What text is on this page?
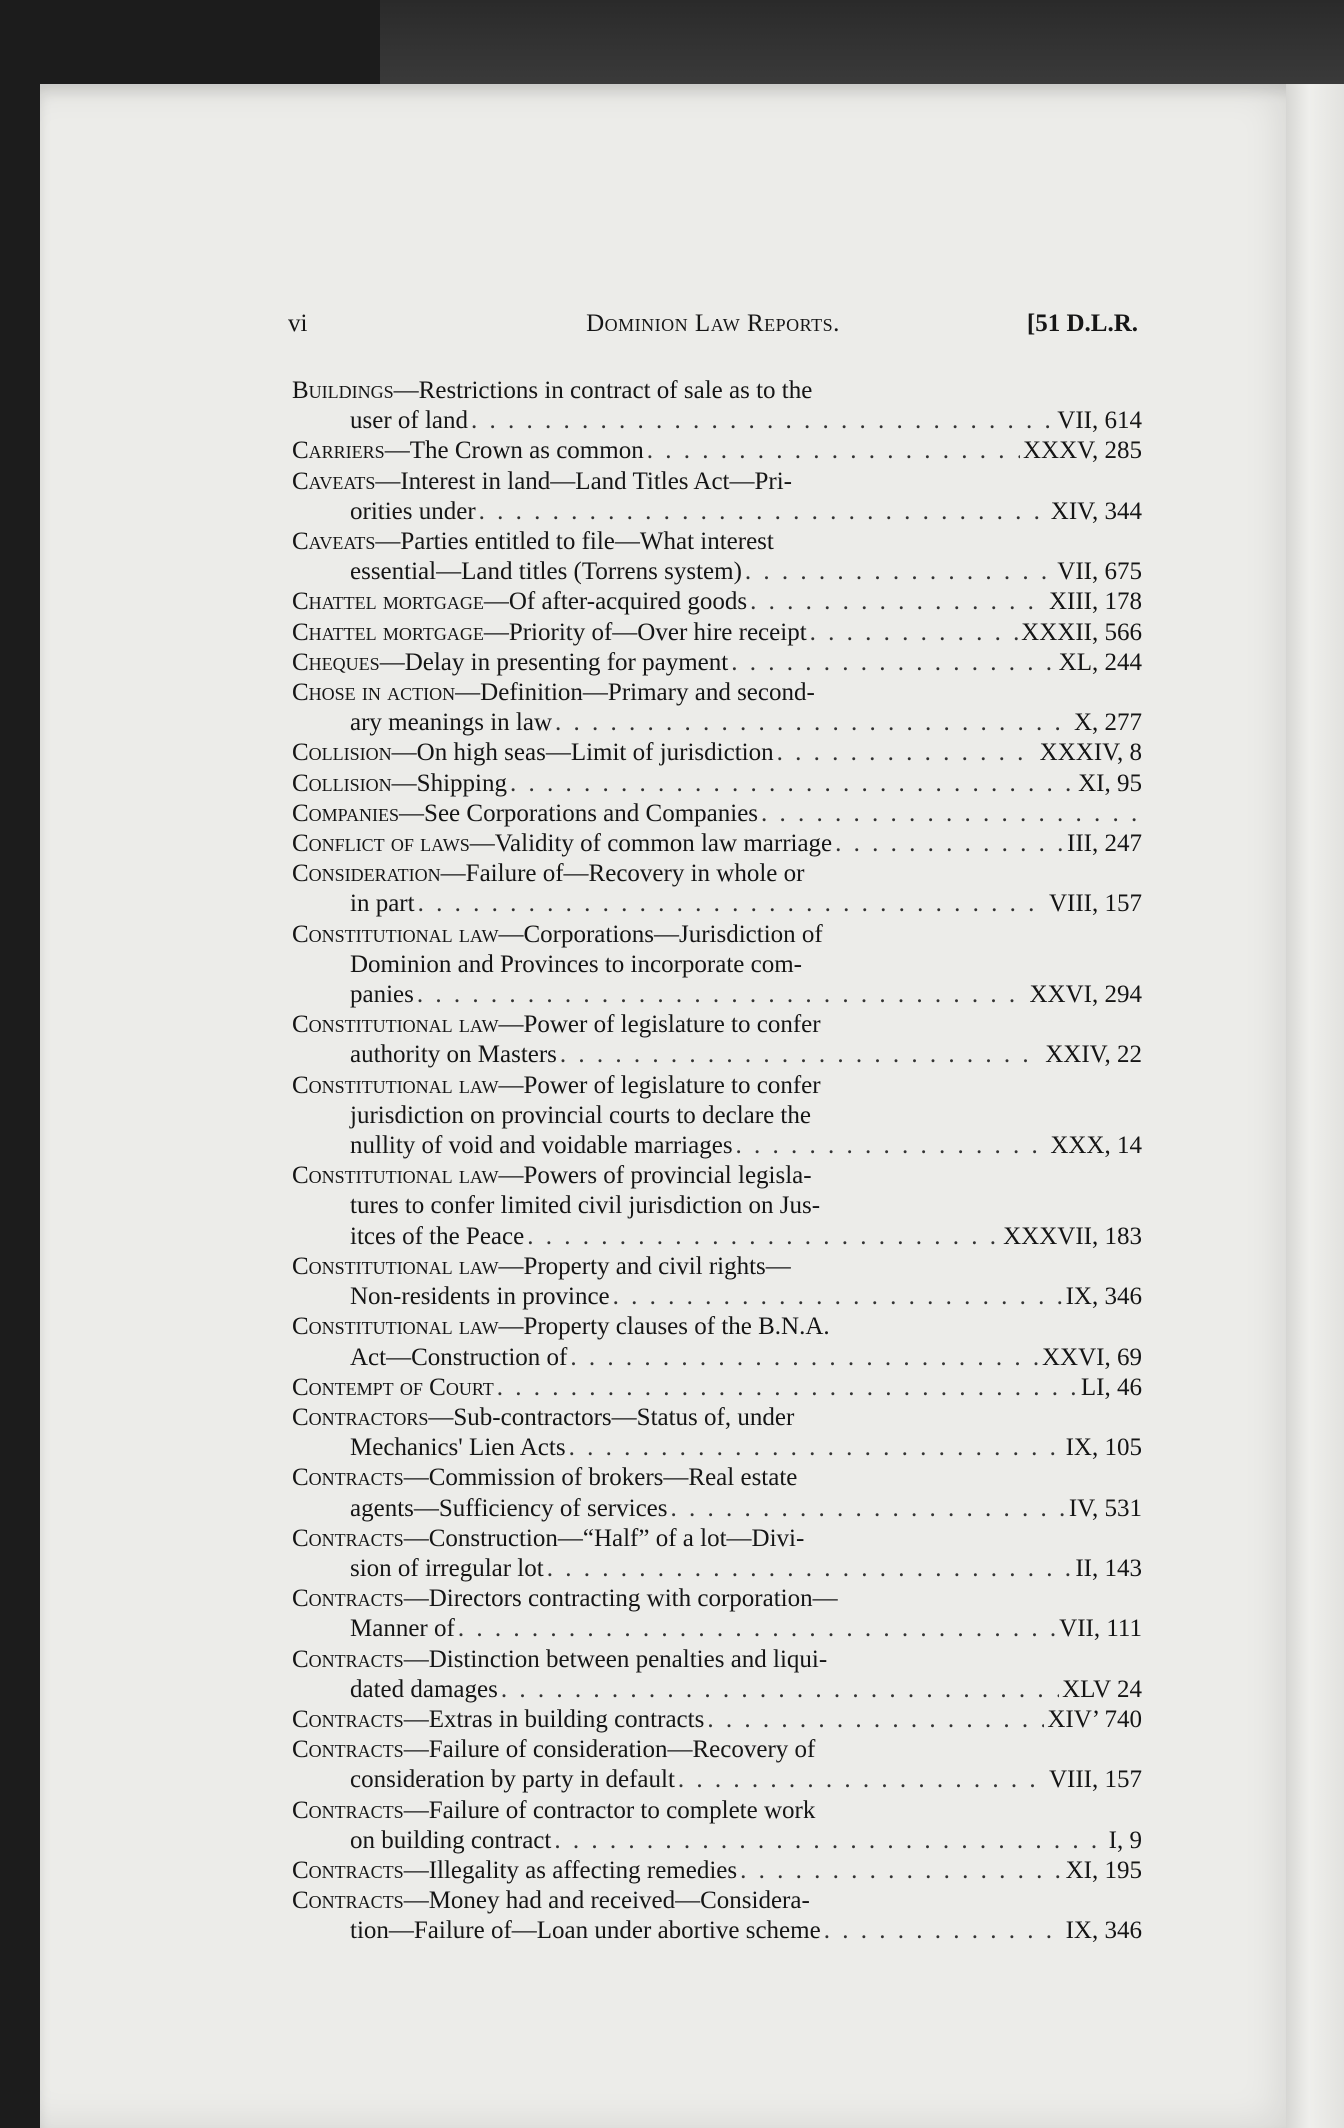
vi	Dominion Law Reports.	[51 D.L.R.
Buildings —Restrictions in contract of sale as to the
user of land . . .	VII, 614
Carriers —The Crown as common . . .	XXXV, 285
Caveats —Interest in land—Land Titles Act—Pri-
orities under . . .	XIV, 344
Caveats —Parties entitled to file—What interest
essential—Land titles (Torrens system) . . .	VII, 675
Chattel mortgage —Of after-acquired goods . . .	XIII, 178
Chattel mortgage —Priority of—Over hire receipt . . .	XXXII, 566
Cheques —Delay in presenting for payment . . .	XL, 244
Chose in action —Definition—Primary and second-
ary meanings in law . . .	X, 277
Collision —On high seas—Limit of jurisdiction . . .	XXXIV, 8
Collision —Shipping . . .	XI, 95
Companies —See Corporations and Companies
. . .
Conflict of laws —Validity of common law marriage . . .	III, 247
Consideration —Failure of—Recovery in whole or
in part . . .	VIII, 157
Constitutional law —Corporations—Jurisdiction of
Dominion and Provinces to incorporate com-
panies . . .	XXVI, 294
Constitutional law —Power of legislature to confer
authority on Masters . . .	XXIV, 22
Constitutional law —Power of legislature to confer
jurisdiction on provincial courts to declare the
nullity of void and voidable marriages . . .	XXX, 14
Constitutional law —Powers of provincial legisla-
tures to confer limited civil jurisdiction on Jus-
itces of the Peace . . .	XXXVII, 183
Constitutional law —Property and civil rights—
Non-residents in province . . .	IX, 346
Constitutional law —Property clauses of the B.N.A.
Act—Construction of . . .	XXVI, 69
Contempt of Court . . .	LI, 46
Contractors —Sub-contractors—Status of, under
Mechanics' Lien Acts . . .	IX, 105
Contracts —Commission of brokers—Real estate
agents—Sufficiency of services . . .	IV, 531
Contracts —Construction—“Half” of a lot—Divi-
sion of irregular lot . . .	II, 143
Contracts —Directors contracting with corporation—
Manner of . . .	VII, 111
Contracts —Distinction between penalties and liqui-
dated damages . . .	XLV 24
Contracts —Extras in building contracts . . .	XIV’ 740
Contracts —Failure of consideration—Recovery of
consideration by party in default . . .	VIII, 157
Contracts —Failure of contractor to complete work
on building contract . . .	I, 9
Contracts —Illegality as affecting remedies . . .	XI, 195
Contracts —Money had and received—Considera-
tion—Failure of—Loan under abortive scheme . . .	IX, 346
